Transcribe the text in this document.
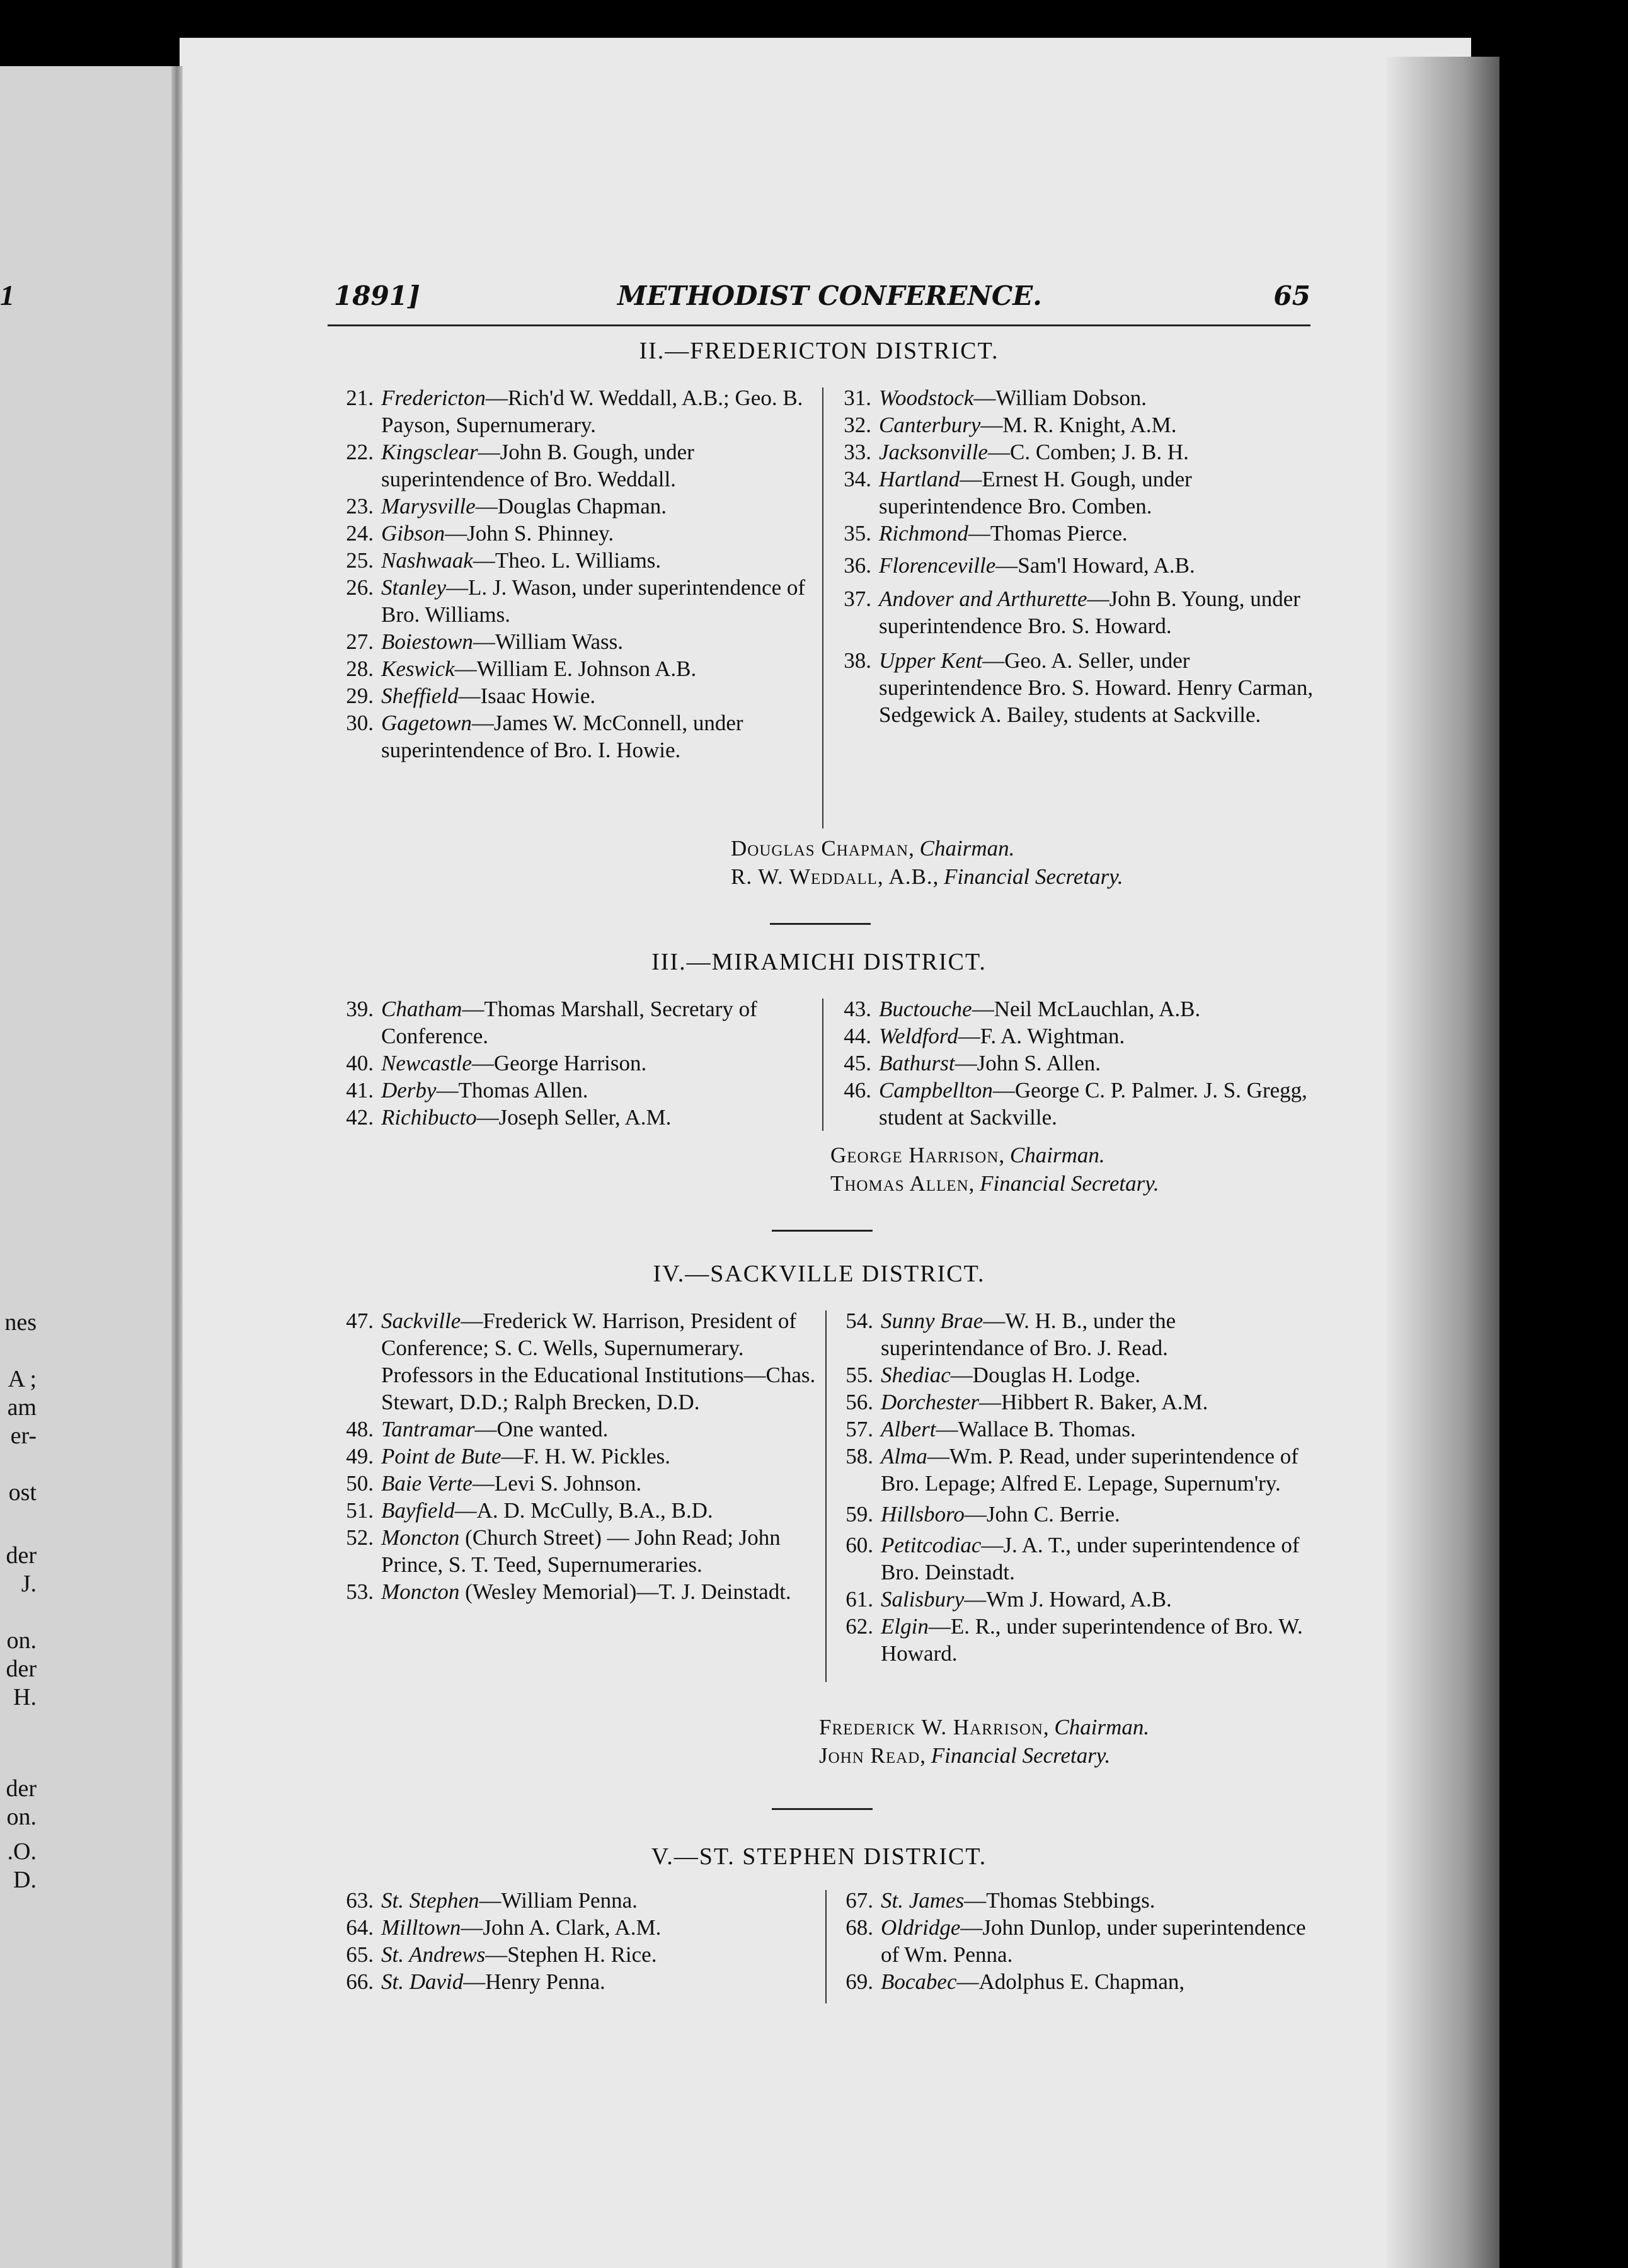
1
nes
A ;
am
er-
ost
der
J.
on.
der
H.
der
on.
.O.
D.
1891]	METHODIST CONFERENCE.	65
II.—FREDERICTON DISTRICT.

21. Fredericton—Rich'd W. Weddall, A.B.; Geo. B. Payson, Supernumerary.

22. Kingsclear—John B. Gough, under superintendence of Bro. Weddall.

23. Marysville—Douglas Chapman.

24. Gibson—John S. Phinney.

25. Nashwaak—Theo. L. Williams.

26. Stanley—L. J. Wason, under superintendence of Bro. Williams.

27. Boiestown—William Wass.

28. Keswick—William E. Johnson A.B.

29. Sheffield—Isaac Howie.

30. Gagetown—James W. McConnell, under superintendence of Bro. I. Howie.

31. Woodstock—William Dobson.

32. Canterbury—M. R. Knight, A.M.

33. Jacksonville—C. Comben; J. B. H.

34. Hartland—Ernest H. Gough, under superintendence Bro. Comben.

35. Richmond—Thomas Pierce.

36. Florenceville—Sam'l Howard, A.B.

37. Andover and Arthurette—John B. Young, under superintendence Bro. S. Howard.

38. Upper Kent—Geo. A. Seller, under superintendence Bro. S. Howard. Henry Carman, Sedgewick A. Bailey, students at Sackville.

Douglas Chapman, Chairman.
R. W. Weddall, A.B., Financial Secretary.
III.—MIRAMICHI DISTRICT.

39. Chatham—Thomas Marshall, Secretary of Conference.

40. Newcastle—George Harrison.

41. Derby—Thomas Allen.

42. Richibucto—Joseph Seller, A.M.

43. Buctouche—Neil McLauchlan, A.B.

44. Weldford—F. A. Wightman.

45. Bathurst—John S. Allen.

46. Campbellton—George C. P. Palmer. J. S. Gregg, student at Sackville.

George Harrison, Chairman.
Thomas Allen, Financial Secretary.
IV.—SACKVILLE DISTRICT.

47. Sackville—Frederick W. Harrison, President of Conference; S. C. Wells, Supernumerary. Professors in the Educational Institutions—Chas. Stewart, D.D.; Ralph Brecken, D.D.

48. Tantramar—One wanted.

49. Point de Bute—F. H. W. Pickles.

50. Baie Verte—Levi S. Johnson.

51. Bayfield—A. D. McCully, B.A., B.D.

52. Moncton (Church Street) — John Read; John Prince, S. T. Teed, Supernumeraries.

53. Moncton (Wesley Memorial)—T. J. Deinstadt.

54. Sunny Brae—W. H. B., under the superintendance of Bro. J. Read.

55. Shediac—Douglas H. Lodge.

56. Dorchester—Hibbert R. Baker, A.M.

57. Albert—Wallace B. Thomas.

58. Alma—Wm. P. Read, under superintendence of Bro. Lepage; Alfred E. Lepage, Supernum'ry.

59. Hillsboro—John C. Berrie.

60. Petitcodiac—J. A. T., under superintendence of Bro. Deinstadt.

61. Salisbury—Wm J. Howard, A.B.

62. Elgin—E. R., under superintendence of Bro. W. Howard.

Frederick W. Harrison, Chairman.
John Read, Financial Secretary.
V.—ST. STEPHEN DISTRICT.

63. St. Stephen—William Penna.

64. Milltown—John A. Clark, A.M.

65. St. Andrews—Stephen H. Rice.

66. St. David—Henry Penna.

67. St. James—Thomas Stebbings.

68. Oldridge—John Dunlop, under superintendence of Wm. Penna.

69. Bocabec—Adolphus E. Chapman,
